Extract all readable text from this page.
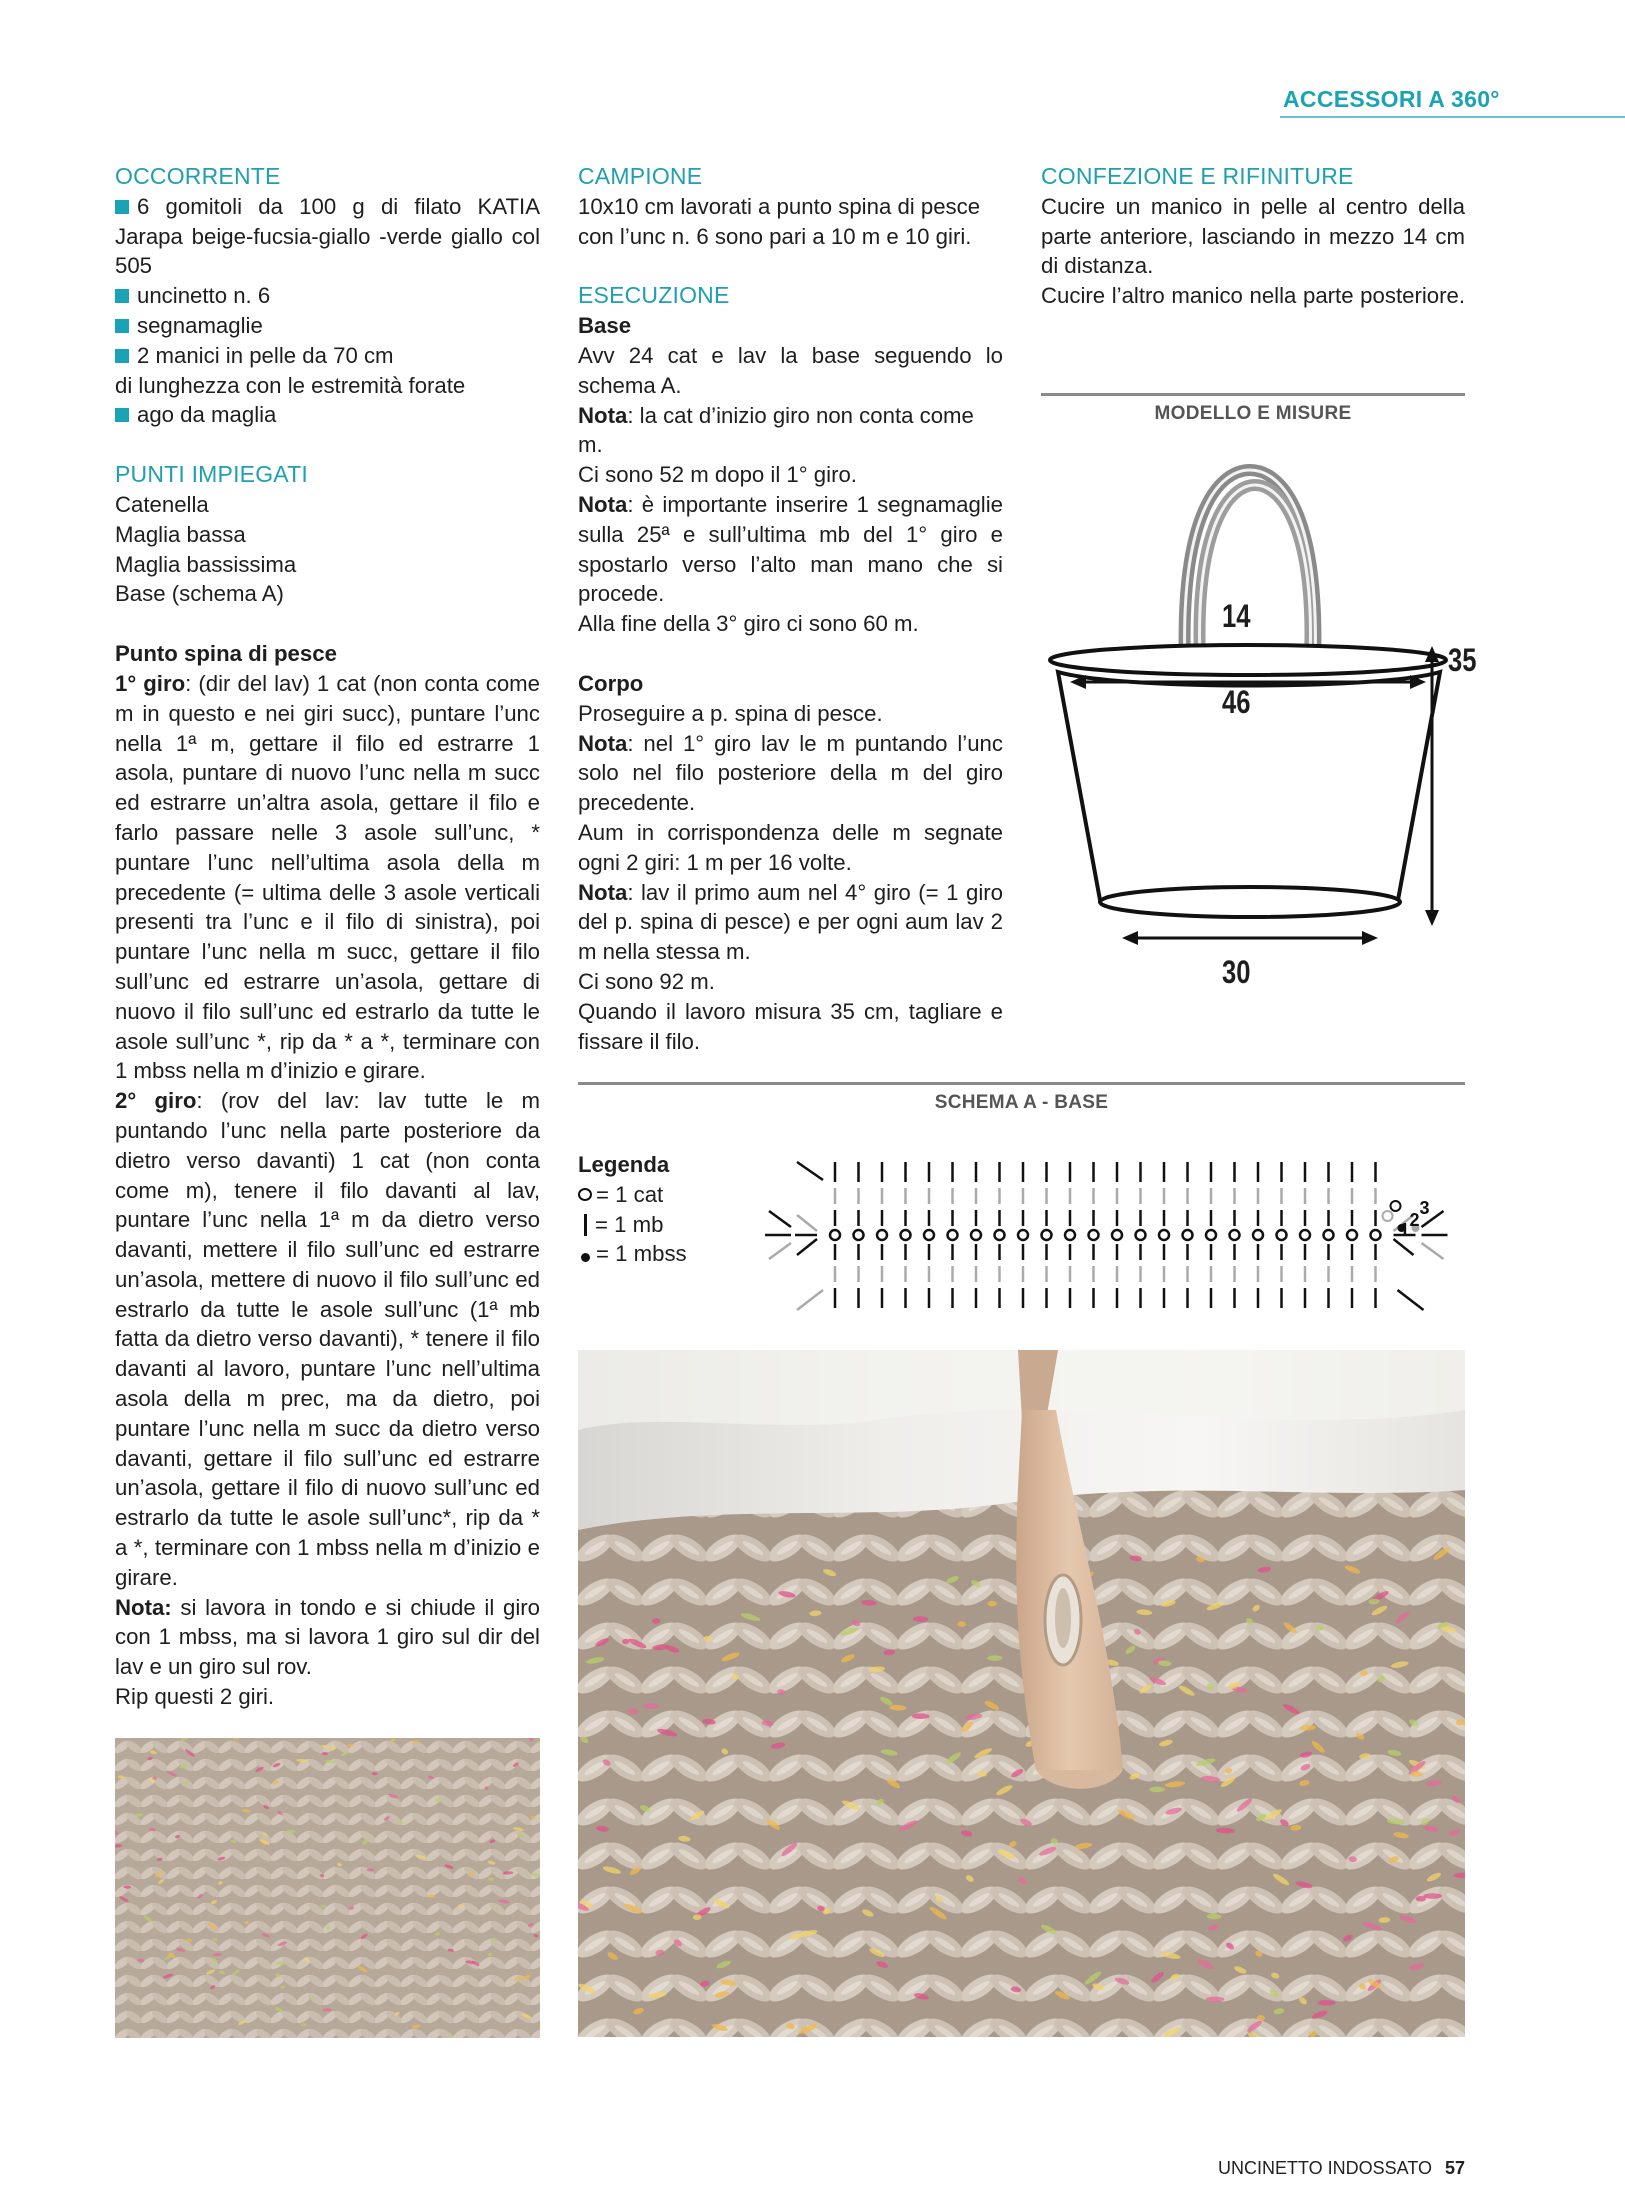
ACCESSORI A 360°

OCCORRENTE

6 gomitoli da 100 g di filato KATIA Jarapa beige-fucsia-giallo -verde giallo col 505

uncinetto n. 6

segnamaglie

2 manici in pelle da 70 cm

di lunghezza con le estremità forate

ago da maglia

PUNTI IMPIEGATI

Catenella

Maglia bassa

Maglia bassissima

Base (schema A)

Punto spina di pesce

1° giro: (dir del lav) 1 cat (non conta come m in questo e nei giri succ), puntare l’unc nella 1ª m, gettare il filo ed estrarre 1 asola, puntare di nuovo l’unc nella m succ ed estrarre un’altra asola, gettare il filo e farlo passare nelle 3 asole sull’unc, * puntare l’unc nell’ultima asola della m precedente (= ultima delle 3 asole verticali presenti tra l’unc e il filo di sinistra), poi puntare l’unc nella m succ, gettare il filo sull’unc ed estrarre un’asola, gettare di nuovo il filo sull’unc ed estrarlo da tutte le asole sull’unc *, rip da * a *, terminare con 1 mbss nella m d’inizio e girare.

2° giro: (rov del lav: lav tutte le m puntando l’unc nella parte posteriore da dietro verso davanti) 1 cat (non conta come m), tenere il filo davanti al lav, puntare l’unc nella 1ª m da dietro verso davanti, mettere il filo sull’unc ed estrarre un’asola, mettere di nuovo il filo sull’unc ed estrarlo da tutte le asole sull’unc (1ª mb fatta da dietro verso davanti), * tenere il filo davanti al lavoro, puntare l’unc nell’ultima asola della m prec, ma da dietro, poi puntare l’unc nella m succ da dietro verso davanti, gettare il filo sull’unc ed estrarre un’asola, gettare il filo di nuovo sull’unc ed estrarlo da tutte le asole sull’unc*, rip da * a *, terminare con 1 mbss nella m d’inizio e girare.

Nota: si lavora in tondo e si chiude il giro con 1 mbss, ma si lavora 1 giro sul dir del lav e un giro sul rov.

Rip questi 2 giri.

CAMPIONE

10x10 cm lavorati a punto spina di pesce con l’unc n. 6 sono pari a 10 m e 10 giri.

ESECUZIONE

Base

Avv 24 cat e lav la base seguendo lo schema A.

Nota: la cat d’inizio giro non conta come m.

Ci sono 52 m dopo il 1° giro.

Nota: è importante inserire 1 segnamaglie sulla 25ª e sull’ultima mb del 1° giro e spostarlo verso l’alto man mano che si procede.

Alla fine della 3° giro ci sono 60 m.

Corpo

Proseguire a p. spina di pesce.

Nota: nel 1° giro lav le m puntando l’unc solo nel filo posteriore della m del giro precedente.

Aum in corrispondenza delle m segnate ogni 2 giri: 1 m per 16 volte.

Nota: lav il primo aum nel 4° giro (= 1 giro del p. spina di pesce) e per ogni aum lav 2 m nella stessa m.

Ci sono 92 m.

Quando il lavoro misura 35 cm, tagliare e fissare il filo.

CONFEZIONE E RIFINITURE

Cucire un manico in pelle al centro della parte anteriore, lasciando in mezzo 14 cm di distanza.

Cucire l’altro manico nella parte posteriore.

MODELLO E MISURE
14
46
35
30
SCHEMA A - BASE

Legenda

= 1 cat

= 1 mb

= 1 mbss

1 2
3
UNCINETTO INDOSSATO 57
